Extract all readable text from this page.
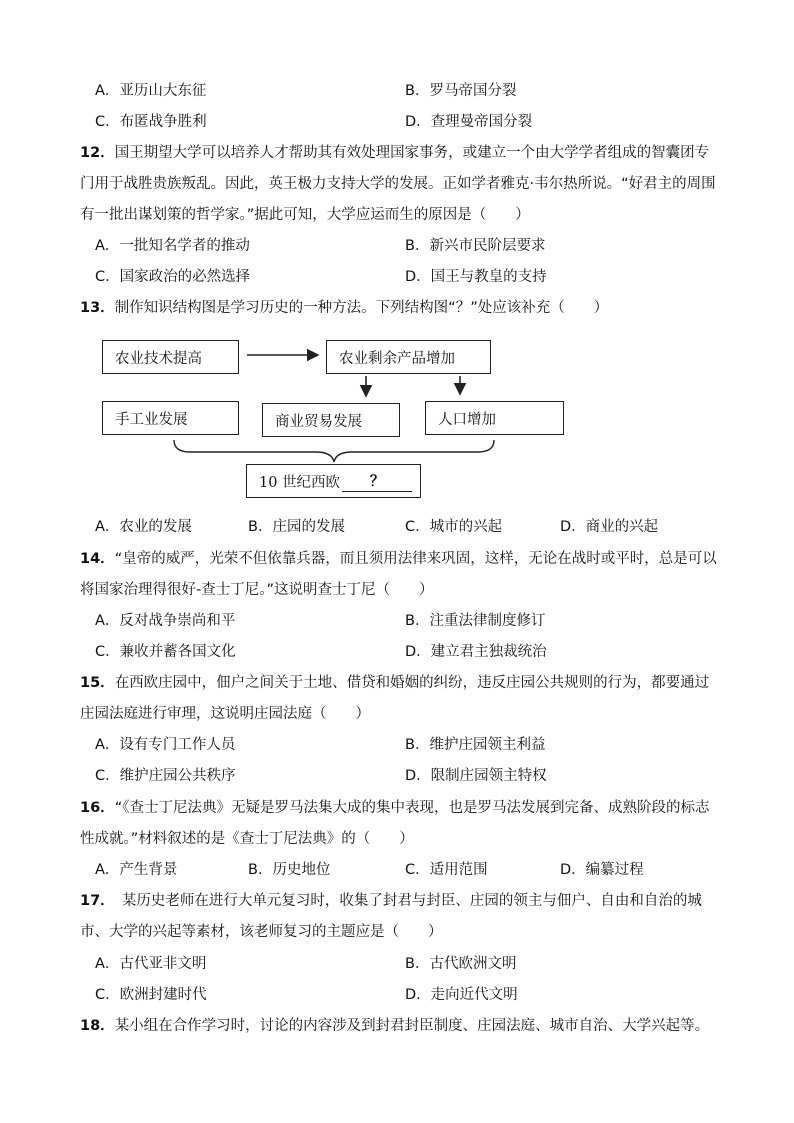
A．亚历山大东征	B．罗马帝国分裂
C．布匿战争胜利	D．查理曼帝国分裂
12．国王期望大学可以培养人才帮助其有效处理国家事务，或建立一个由大学学者组成的智囊团专
门用于战胜贵族叛乱。因此，英王极力支持大学的发展。正如学者雅克·韦尔热所说。“好君主的周围
有一批出谋划策的哲学家。”据此可知，大学应运而生的原因是（　　）
A．一批知名学者的推动	B．新兴市民阶层要求
C．国家政治的必然选择	D．国王与教皇的支持
13．制作知识结构图是学习历史的一种方法。下列结构图“？”处应该补充（　　）
农业技术提高	农业剩余产品增加
手工业发展	商业贸易发展	人口增加
10 世纪西欧	？
A．农业的发展	B．庄园的发展	C．城市的兴起	D．商业的兴起
14．“皇帝的威严，光荣不但依靠兵器，而且须用法律来巩固，这样，无论在战时或平时，总是可以
将国家治理得很好-查士丁尼。”这说明查士丁尼（　　）
A．反对战争崇尚和平	B．注重法律制度修订
C．兼收并蓄各国文化	D．建立君主独裁统治
15．在西欧庄园中，佃户之间关于土地、借贷和婚姻的纠纷，违反庄园公共规则的行为，都要通过
庄园法庭进行审理，这说明庄园法庭（　　）
A．设有专门工作人员	B．维护庄园领主利益
C．维护庄园公共秩序	D．限制庄园领主特权
16．“《查士丁尼法典》无疑是罗马法集大成的集中表现，也是罗马法发展到完备、成熟阶段的标志
性成就。”材料叙述的是《查士丁尼法典》的（　　）
A．产生背景	B．历史地位	C．适用范围	D．编纂过程
17．　某历史老师在进行大单元复习时，收集了封君与封臣、庄园的领主与佃户、自由和自治的城
市、大学的兴起等素材，该老师复习的主题应是（　　）
A．古代亚非文明	B．古代欧洲文明
C．欧洲封建时代	D．走向近代文明
18．某小组在合作学习时，讨论的内容涉及到封君封臣制度、庄园法庭、城市自治、大学兴起等。
